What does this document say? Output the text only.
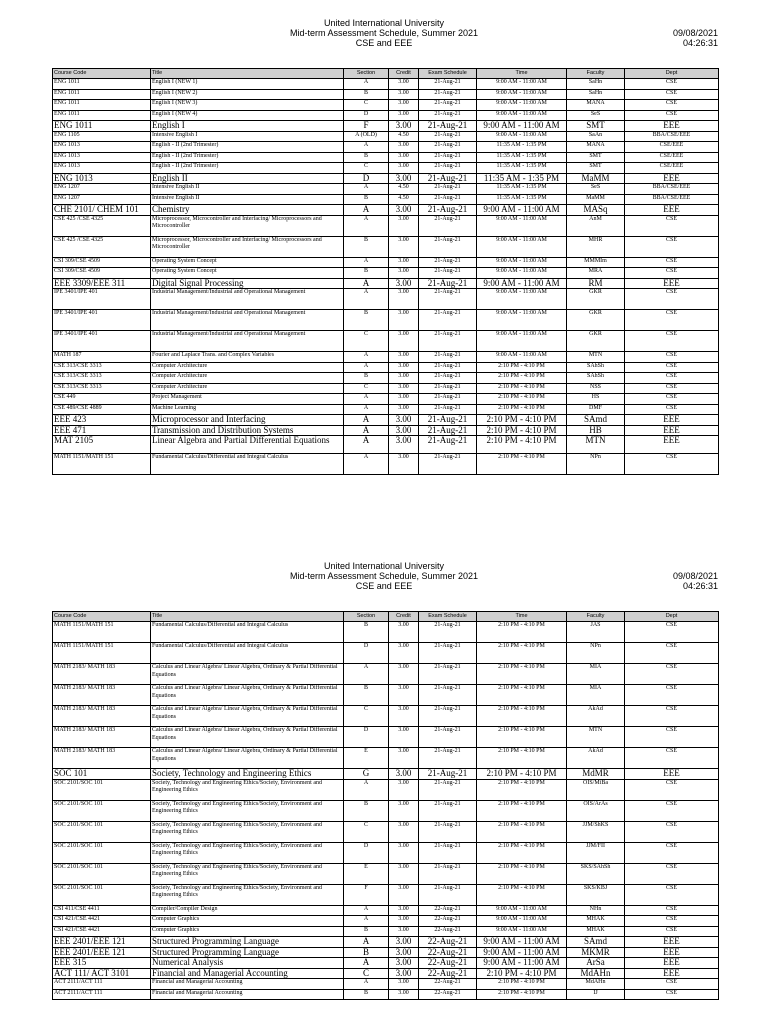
United International University
Mid-term Assessment Schedule, Summer 2021
CSE and EEE
09/08/2021
04:26:31
Course Code	Title	Section	Credit	Exam Schedule	Time	Faculty	Dept
ENG 1011	English I (NEW 1)	A	3.00	21-Aug-21	9:00 AM - 11:00 AM	SaHn	CSE
ENG 1011	English I (NEW 2)	B	3.00	21-Aug-21	9:00 AM - 11:00 AM	SaHn	CSE
ENG 1011	English I (NEW 3)	C	3.00	21-Aug-21	9:00 AM - 11:00 AM	MANA	CSE
ENG 1011	English I (NEW 4)	D	3.00	21-Aug-21	9:00 AM - 11:00 AM	SeS	CSE
ENG 1011	English I	F	3.00	21-Aug-21	9:00 AM - 11:00 AM	SMT	EEE
ENG 1105	Intensive English I	A (OLD)	4.50	21-Aug-21	9:00 AM - 11:00 AM	SaAn	BBA/CSE/EEE
ENG 1013	English - II (2nd Trimester)	A	3.00	21-Aug-21	11:35 AM - 1:35 PM	MANA	CSE/EEE
ENG 1013	English - II (2nd Trimester)	B	3.00	21-Aug-21	11:35 AM - 1:35 PM	SMT	CSE/EEE
ENG 1013	English - II (2nd Trimester)	C	3.00	21-Aug-21	11:35 AM - 1:35 PM	SMT	CSE/EEE
ENG 1013	English II	D	3.00	21-Aug-21	11:35 AM - 1:35 PM	MaMM	EEE
ENG 1207	Intensive English II	A	4.50	21-Aug-21	11:35 AM - 1:35 PM	SeS	BBA/CSE/EEE
ENG 1207	Intensive English II	B	4.50	21-Aug-21	11:35 AM - 1:35 PM	MaMM	BBA/CSE/EEE
CHE 2101/ CHEM 101	Chemistry	A	3.00	21-Aug-21	9:00 AM - 11:00 AM	MASq	EEE
CSE 425 /CSE 4325	Microprocessor, Microcontroller and Interfacing/ Microprocessors and Microcontroller	A	3.00	21-Aug-21	9:00 AM - 11:00 AM	AnM	CSE
CSE 425 /CSE 4325	Microprocessor, Microcontroller and Interfacing/ Microprocessors and Microcontroller	B	3.00	21-Aug-21	9:00 AM - 11:00 AM	MHR	CSE
CSI 309/CSE 4509	Operating System Concept	A	3.00	21-Aug-21	9:00 AM - 11:00 AM	MMMIm	CSE
CSI 309/CSE 4509	Operating System Concept	B	3.00	21-Aug-21	9:00 AM - 11:00 AM	MRA	CSE
EEE 3309/EEE 311	Digital Signal Processing	A	3.00	21-Aug-21	9:00 AM - 11:00 AM	RM	EEE
IPE 3401/IPE 401	Industrial Management/Industrial and Operational Management	A	3.00	21-Aug-21	9:00 AM - 11:00 AM	GKR	CSE
IPE 3401/IPE 401	Industrial Management/Industrial and Operational Management	B	3.00	21-Aug-21	9:00 AM - 11:00 AM	GKR	CSE
IPE 3401/IPE 401	Industrial Management/Industrial and Operational Management	C	3.00	21-Aug-21	9:00 AM - 11:00 AM	GKR	CSE
MATH 187	Fourier and Laplace Trans. and Complex Variables	A	3.00	21-Aug-21	9:00 AM - 11:00 AM	MTN	CSE
CSE 313/CSE 3313	Computer Architecture	A	3.00	21-Aug-21	2:10 PM - 4:10 PM	SAhSh	CSE
CSE 313/CSE 3313	Computer Architecture	B	3.00	21-Aug-21	2:10 PM - 4:10 PM	SAhSh	CSE
CSE 313/CSE 3313	Computer Architecture	C	3.00	21-Aug-21	2:10 PM - 4:10 PM	NSS	CSE
CSE 449	Project Management	A	3.00	21-Aug-21	2:10 PM - 4:10 PM	HS	CSE
CSE 489/CSE 4889	Machine Learning	A	3.00	21-Aug-21	2:10 PM - 4:10 PM	DMF	CSE
EEE 423	Microprocessor and Interfacing	A	3.00	21-Aug-21	2:10 PM - 4:10 PM	SAmd	EEE
EEE 471	Transmission and Distribution Systems	A	3.00	21-Aug-21	2:10 PM - 4:10 PM	HB	EEE
MAT 2105	Linear Algebra and Partial Differential Equations	A	3.00	21-Aug-21	2:10 PM - 4:10 PM	MTN	EEE
MATH 1151/MATH 151	Fundamental Calculus/Differential and Integral Calculus	A	3.00	21-Aug-21	2:10 PM - 4:10 PM	NPn	CSE
United International University
Mid-term Assessment Schedule, Summer 2021
CSE and EEE
09/08/2021
04:26:31
Course Code	Title	Section	Credit	Exam Schedule	Time	Faculty	Dept
MATH 1151/MATH 151	Fundamental Calculus/Differential and Integral Calculus	B	3.00	21-Aug-21	2:10 PM - 4:10 PM	JAS	CSE
MATH 1151/MATH 151	Fundamental Calculus/Differential and Integral Calculus	D	3.00	21-Aug-21	2:10 PM - 4:10 PM	NPn	CSE
MATH 2183/ MATH 183	Calculus and Linear Algebra/ Linear Algebra, Ordinary & Partial Differential Equations	A	3.00	21-Aug-21	2:10 PM - 4:10 PM	MIA	CSE
MATH 2183/ MATH 183	Calculus and Linear Algebra/ Linear Algebra, Ordinary & Partial Differential Equations	B	3.00	21-Aug-21	2:10 PM - 4:10 PM	MIA	CSE
MATH 2183/ MATH 183	Calculus and Linear Algebra/ Linear Algebra, Ordinary & Partial Differential Equations	C	3.00	21-Aug-21	2:10 PM - 4:10 PM	AkAd	CSE
MATH 2183/ MATH 183	Calculus and Linear Algebra/ Linear Algebra, Ordinary & Partial Differential Equations	D	3.00	21-Aug-21	2:10 PM - 4:10 PM	MTN	CSE
MATH 2183/ MATH 183	Calculus and Linear Algebra/ Linear Algebra, Ordinary & Partial Differential Equations	E	3.00	21-Aug-21	2:10 PM - 4:10 PM	AkAd	CSE
SOC 101	Society, Technology and Engineering Ethics	G	3.00	21-Aug-21	2:10 PM - 4:10 PM	MdMR	EEE
SOC 2101/SOC 101	Society, Technology and Engineering Ethics/Society, Environment and Engineering Ethics	A	3.00	21-Aug-21	2:10 PM - 4:10 PM	OIS/MiBa	CSE
SOC 2101/SOC 101	Society, Technology and Engineering Ethics/Society, Environment and Engineering Ethics	B	3.00	21-Aug-21	2:10 PM - 4:10 PM	OIS/ArAs	CSE
SOC 2101/SOC 101	Society, Technology and Engineering Ethics/Society, Environment and Engineering Ethics	C	3.00	21-Aug-21	2:10 PM - 4:10 PM	JJM/ShKS	CSE
SOC 2101/SOC 101	Society, Technology and Engineering Ethics/Society, Environment and Engineering Ethics	D	3.00	21-Aug-21	2:10 PM - 4:10 PM	JJM/FII	CSE
SOC 2101/SOC 101	Society, Technology and Engineering Ethics/Society, Environment and Engineering Ethics	E	3.00	21-Aug-21	2:10 PM - 4:10 PM	SKS/SAhSh	CSE
SOC 2101/SOC 101	Society, Technology and Engineering Ethics/Society, Environment and Engineering Ethics	F	3.00	21-Aug-21	2:10 PM - 4:10 PM	SKS/KBJ	CSE
CSI 411/CSE 4411	Compiler/Compiler Design	A	3.00	22-Aug-21	9:00 AM - 11:00 AM	NHn	CSE
CSI 421/CSE 4421	Computer Graphics	A	3.00	22-Aug-21	9:00 AM - 11:00 AM	MHAK	CSE
CSI 421/CSE 4421	Computer Graphics	B	3.00	22-Aug-21	9:00 AM - 11:00 AM	MHAK	CSE
EEE 2401/EEE 121	Structured Programming Language	A	3.00	22-Aug-21	9:00 AM - 11:00 AM	SAmd	EEE
EEE 2401/EEE 121	Structured Programming Language	B	3.00	22-Aug-21	9:00 AM - 11:00 AM	MKMR	EEE
EEE 315	Numerical Analysis	A	3.00	22-Aug-21	9:00 AM - 11:00 AM	ArSa	EEE
ACT 111/ ACT 3101	Financial and Managerial Accounting	C	3.00	22-Aug-21	2:10 PM - 4:10 PM	MdAHn	EEE
ACT 2111/ACT 111	Financial and Managerial Accounting	A	3.00	22-Aug-21	2:10 PM - 4:10 PM	MdAHn	CSE
ACT 2111/ACT 111	Financial and Managerial Accounting	B	3.00	22-Aug-21	2:10 PM - 4:10 PM	IJ	CSE
